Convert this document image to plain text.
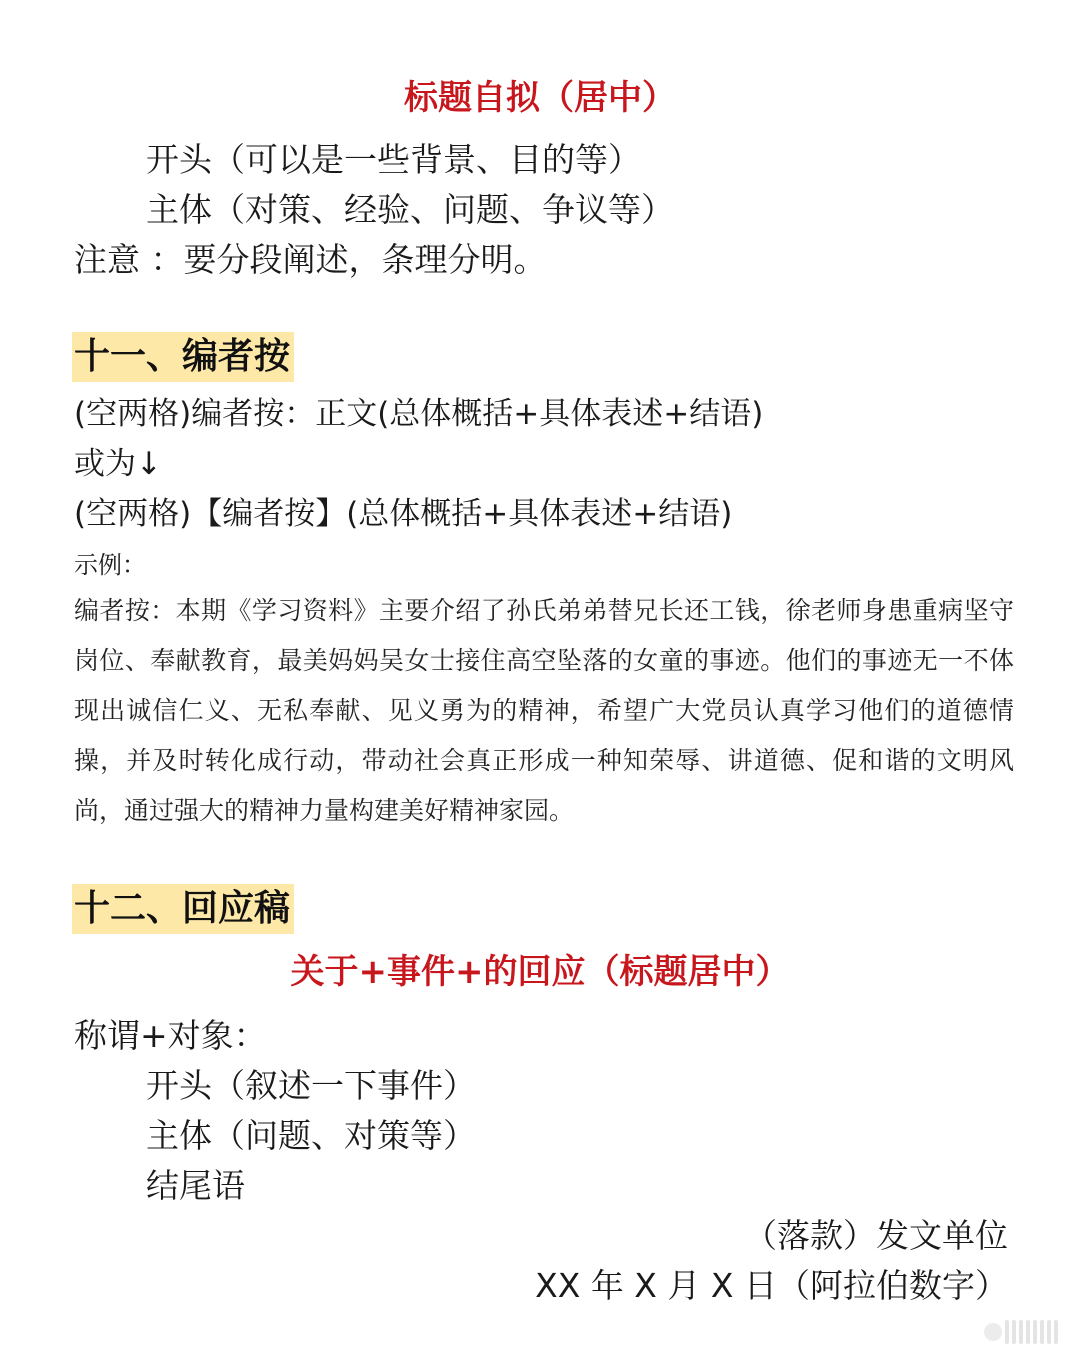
标题自拟（居中）
开头（可以是一些背景、目的等）
主体（对策、经验、问题、争议等）
注意 ：要分段阐述，条理分明。
十一、编者按
(空两格)编者按：正文(总体概括+具体表述+结语)
或为↓
(空两格)【编者按】(总体概括+具体表述+结语)
示例：
编者按：本期《学习资料》主要介绍了孙氏弟弟替兄长还工钱，徐老师身患重病坚守岗位、奉献教育，最美妈妈吴女士接住高空坠落的女童的事迹。他们的事迹无一不体现出诚信仁义、无私奉献、见义勇为的精神，希望广大党员认真学习他们的道德情操，并及时转化成行动，带动社会真正形成一种知荣辱、讲道德、促和谐的文明风尚，通过强大的精神力量构建美好精神家园。
十二、回应稿
关于+事件+的回应（标题居中）
称谓+对象：
开头（叙述一下事件）
主体（问题、对策等）
结尾语
（落款）发文单位
XX 年 X 月 X 日（阿拉伯数字）
